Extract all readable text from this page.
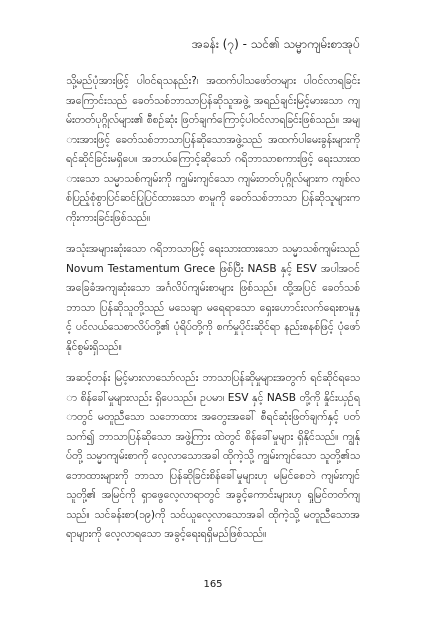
အခန်း (၇) - သင်၏ သမ္မာကျမ်းစာအုပ်

သို့မည်ပုံအားဖြင့် ပါဝင်ရသနည်း?၊ အထက်ပါသဖော်တများ ပါဝင်လာရခြင်း အကြောင်းသည် ခေတ်သစ်ဘာသာပြန်ဆိုသူအဖွဲ့ အရည်ချင်းမြင့်မားသော ကျမ်းတတ်ပုဂ္ဂိုလ်များ၏ စီစဉ်ဆုံး ဖြတ်ချက်ကြောင့်ပါဝင်လာရခြင်းဖြစ်သည်။ အများအားဖြင့် ခေတ်သစ်ဘာသာပြန်ဆိုသောအဖွဲ့သည် အထက်ပါမေးခွန်းများကို ရင်ဆိုင်ခြင်းမရှိပေ။ အဘယ်ကြောင့်ဆိုသော် ဂရိဘာသာစကားဖြင့် ရေးသားထားသော သမ္မာသစ်ကျမ်းကို ကျွမ်းကျင်သော ကျမ်းတတ်ပုဂ္ဂိုလ်များက ကျစ်လစ်ပြည့်စုံစွာပြင်ဆင်ပြုပြင်ထားသော စာမူကို ခေတ်သစ်ဘာသာ ပြန်ဆိုသူများကကိုးကားခြင်းဖြစ်သည်။

အသုံးအများဆုံးသော ဂရိဘာသာဖြင့် ရေးသားထားသော သမ္မာသစ်ကျမ်းသည် Novum Testamentum Grece ဖြစ်ပြီး NASB နှင့် ESV အပါအဝင် အခြေခံအကျဆုံးသော အင်္ဂလိပ်ကျမ်းစာများ ဖြစ်သည်။ ထို့အပြင် ခေတ်သစ်ဘာသာ ပြန်ဆိုသူတို့သည် မသေချာ မရေရာသော ရှေးဟောင်းလက်ရေးစာမူနှင့် ပင်လယ်သေစာလိပ်တို့၏ ပုံရိပ်တို့ကို စက်မှုပိုင်းဆိုင်ရာ နည်းစနစ်ဖြင့် ပုံဖော်နိုင်စွမ်းရှိသည်။

အဆင့်တန်း မြင့်မားလာသော်လည်း ဘာသာပြန်ဆိုမှုများအတွက် ရင်ဆိုင်ရသော စိန်ခေါ်မှုများလည်း ရှိပေသည်။ ဥပမာ၊ ESV နှင့် NASB တို့ကို နှိုင်းယှဉ်ရာတွင် မတူညီသော သဘောထား အတွေးအခေါ် စီရင်ဆုံးဖြတ်ချက်နှင့် ပတ်သက်၍ ဘာသာပြန်ဆိုသော အဖွဲ့ကြား ထဲတွင် စိန်ခေါ်မှုများ ရှိနိုင်သည်။ ကျွန်ုပ်တို့ သမ္မာကျမ်းစာကို လေ့လာသောအခါ ထိုကဲ့သို့ ကျွမ်းကျင်သော သူတို့၏သဘောထားများကို ဘာသာ ပြန်ဆိုခြင်းစိန်ခေါ်မှုများဟု မမြင်စေဘဲ ကျမ်းကျင်သူတို့၏ အမြင်ကို ရှာဖွေလေ့လာရာတွင် အခွင့်ကောင်းများဟု ရှုမြင်တတ်ကျသည်။ သင်ခန်းစာ(၁၉)ကို သင်ယူလေ့လာသောအခါ ထိုကဲ့သို့ မတူညီသောအရာများကို လေ့လာရသော အခွင့်ရေးရရှိမည်ဖြစ်သည်။

165
